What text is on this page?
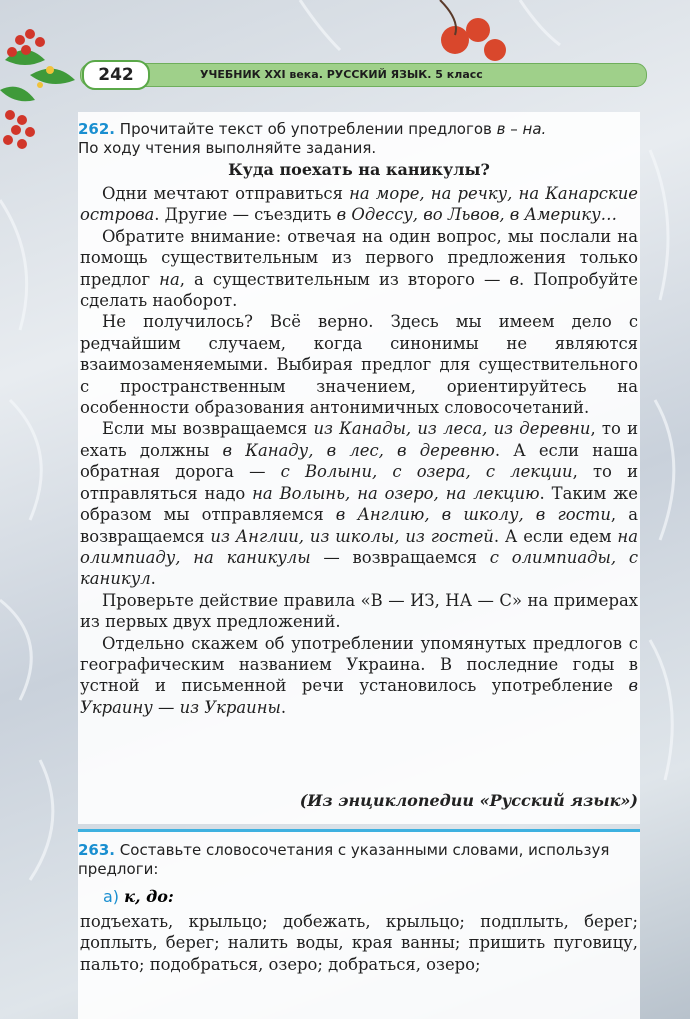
242	УЧЕБНИК XXI века. РУССКИЙ ЯЗЫК. 5 класс
262. Прочитайте текст об употреблении предлогов в – на.
По ходу чтения выполняйте задания.
Куда поехать на каникулы?

Одни мечтают отправиться на море, на речку, на Канарские острова. Другие — съездить в Одессу, во Львов, в Америку…

Обратите внимание: отвечая на один вопрос, мы послали на помощь существительным из первого предложения только предлог на, а существительным из второго — в. Попробуйте сделать наоборот.

Не получилось? Всё верно. Здесь мы имеем дело с редчайшим случаем, когда синонимы не являются взаимозаменяемыми. Выбирая предлог для существительного с пространственным значением, ориентируйтесь на особенности образования антонимичных словосочетаний.

Если мы возвращаемся из Канады, из леса, из деревни, то и ехать должны в Канаду, в лес, в деревню. А если наша обратная дорога — с Волыни, с озера, с лекции, то и отправляться надо на Волынь, на озеро, на лекцию. Таким же образом мы отправляемся в Англию, в школу, в гости, а возвращаемся из Англии, из школы, из гостей. А если едем на олимпиаду, на каникулы — возвращаемся с олимпиады, с каникул.

Проверьте действие правила «В — ИЗ, НА — С» на примерах из первых двух предложений.

Отдельно скажем об употреблении упомянутых предлогов с географическим названием Украина. В последние годы в устной и письменной речи установилось употребление в Украину — из Украины.

(Из энциклопедии «Русский язык»)
263. Составьте словосочетания с указанными словами, используя предлоги:
а) к, до:
подъехать, крыльцо; добежать, крыльцо; подплыть, берег; доплыть, берег; налить воды, края ванны; пришить пуговицу, пальто; подобраться, озеро; добраться, озеро;
